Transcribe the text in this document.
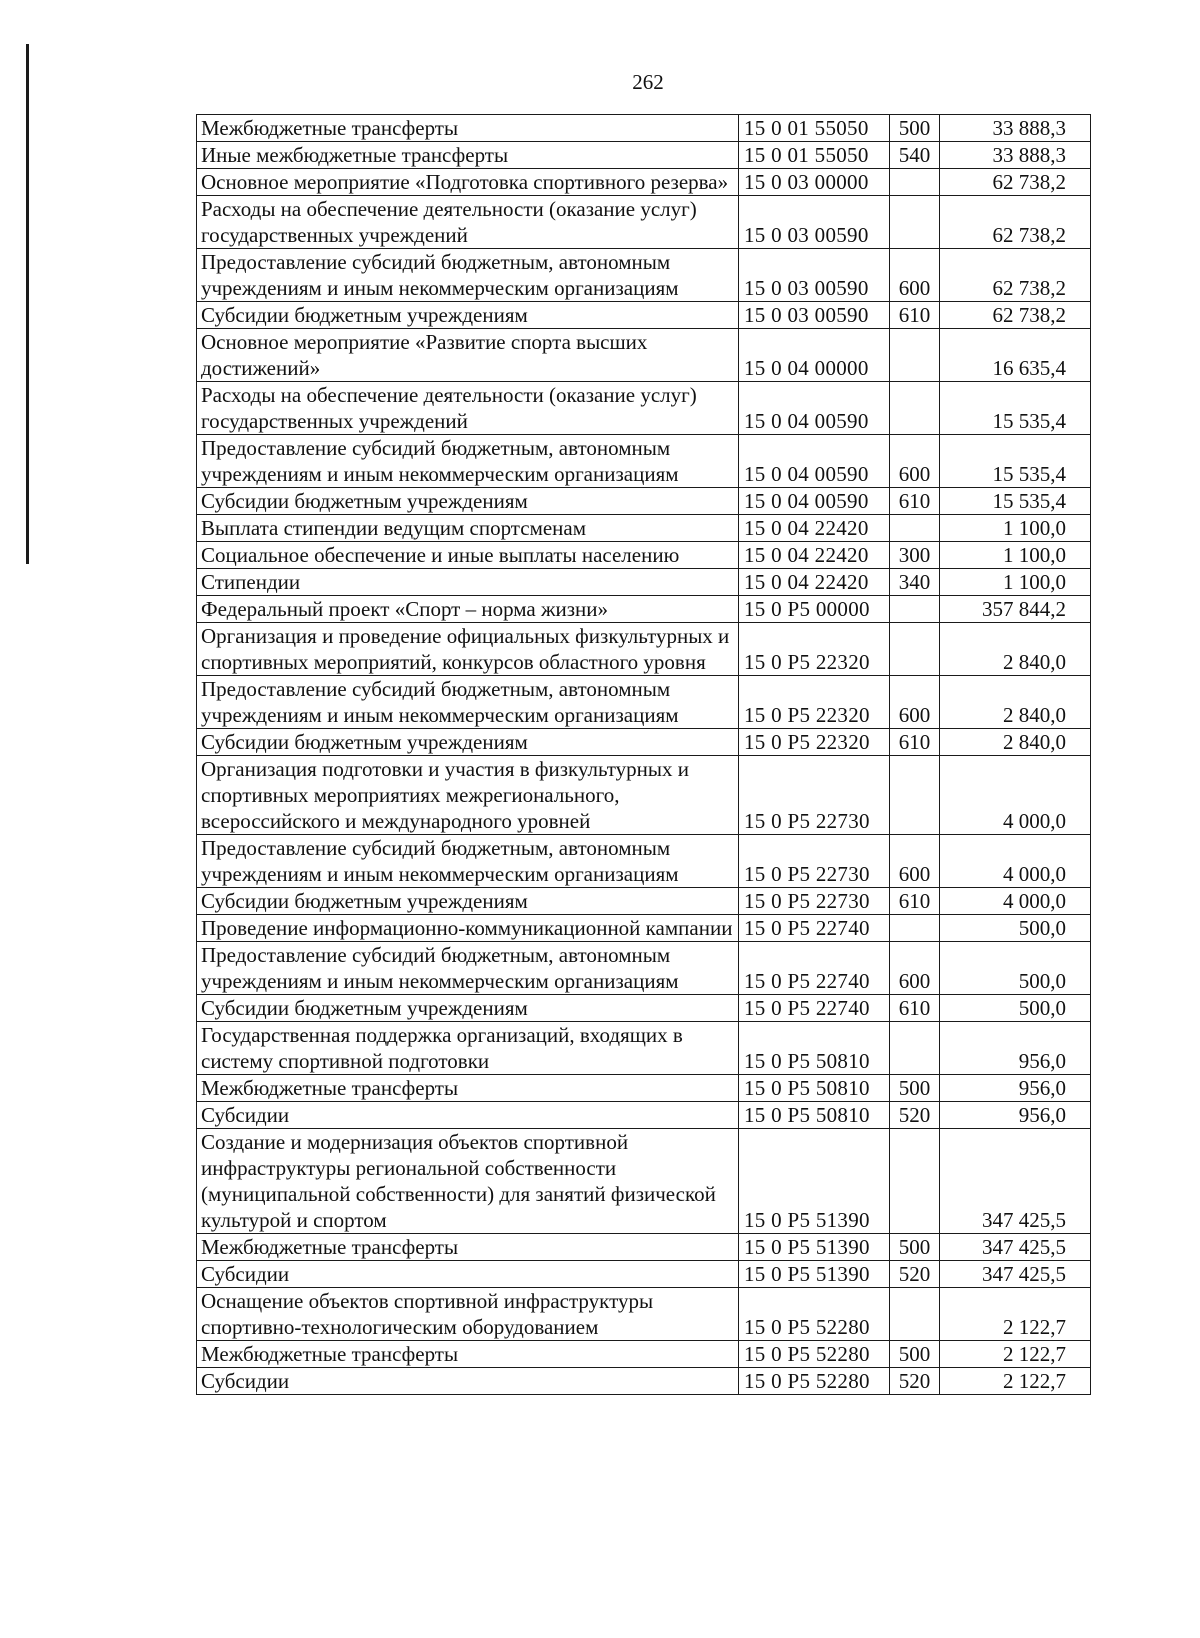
262
Межбюджетные трансферты	15 0 01 55050	500	33 888,3
Иные межбюджетные трансферты	15 0 01 55050	540	33 888,3
Основное мероприятие «Подготовка спортивного резерва»	15 0 03 00000		62 738,2
Расходы на обеспечение деятельности (оказание услуг) государственных учреждений	15 0 03 00590		62 738,2
Предоставление субсидий бюджетным, автономным учреждениям и иным некоммерческим организациям	15 0 03 00590	600	62 738,2
Субсидии бюджетным учреждениям	15 0 03 00590	610	62 738,2
Основное мероприятие «Развитие спорта высших достижений»	15 0 04 00000		16 635,4
Расходы на обеспечение деятельности (оказание услуг) государственных учреждений	15 0 04 00590		15 535,4
Предоставление субсидий бюджетным, автономным учреждениям и иным некоммерческим организациям	15 0 04 00590	600	15 535,4
Субсидии бюджетным учреждениям	15 0 04 00590	610	15 535,4
Выплата стипендии ведущим спортсменам	15 0 04 22420		1 100,0
Социальное обеспечение и иные выплаты населению	15 0 04 22420	300	1 100,0
Стипендии	15 0 04 22420	340	1 100,0
Федеральный проект «Спорт – норма жизни»	15 0 P5 00000		357 844,2
Организация и проведение официальных физкультурных и спортивных мероприятий, конкурсов областного уровня	15 0 P5 22320		2 840,0
Предоставление субсидий бюджетным, автономным учреждениям и иным некоммерческим организациям	15 0 P5 22320	600	2 840,0
Субсидии бюджетным учреждениям	15 0 P5 22320	610	2 840,0
Организация подготовки и участия в физкультурных и спортивных мероприятиях межрегионального, всероссийского и международного уровней	15 0 P5 22730		4 000,0
Предоставление субсидий бюджетным, автономным учреждениям и иным некоммерческим организациям	15 0 P5 22730	600	4 000,0
Субсидии бюджетным учреждениям	15 0 P5 22730	610	4 000,0
Проведение информационно-коммуникационной кампании	15 0 P5 22740		500,0
Предоставление субсидий бюджетным, автономным учреждениям и иным некоммерческим организациям	15 0 P5 22740	600	500,0
Субсидии бюджетным учреждениям	15 0 P5 22740	610	500,0
Государственная поддержка организаций, входящих в систему спортивной подготовки	15 0 P5 50810		956,0
Межбюджетные трансферты	15 0 P5 50810	500	956,0
Субсидии	15 0 P5 50810	520	956,0
Создание и модернизация объектов спортивной инфраструктуры региональной собственности (муниципальной собственности) для занятий физической культурой и спортом	15 0 P5 51390		347 425,5
Межбюджетные трансферты	15 0 P5 51390	500	347 425,5
Субсидии	15 0 P5 51390	520	347 425,5
Оснащение объектов спортивной инфраструктуры спортивно-технологическим оборудованием	15 0 P5 52280		2 122,7
Межбюджетные трансферты	15 0 P5 52280	500	2 122,7
Субсидии	15 0 P5 52280	520	2 122,7
